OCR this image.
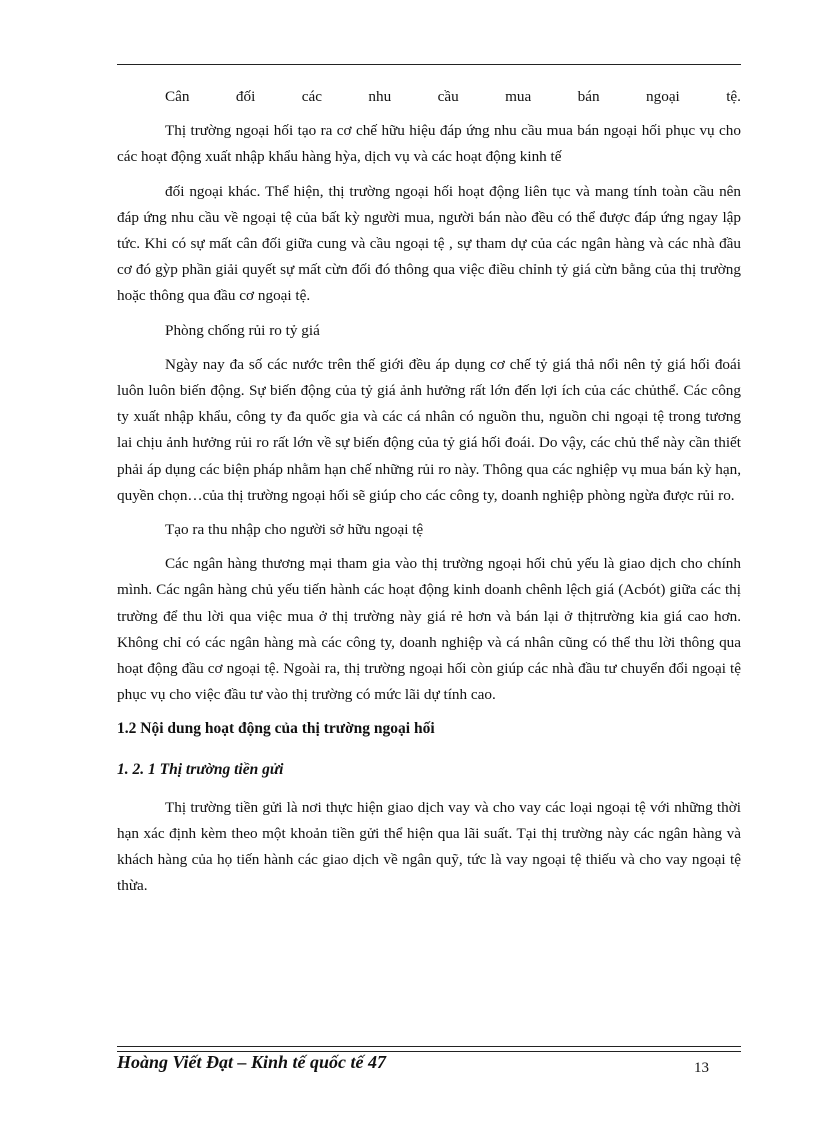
Cân	đối	các	nhu	cầu	mua	bán	ngoại	tệ.

Thị trường ngoại hối tạo ra cơ chế hữu hiệu đáp ứng nhu cầu mua bán ngoại hối phục vụ cho các hoạt động xuất nhập khẩu hàng hỳa, dịch vụ và các hoạt động kinh tế

đối ngoại khác. Thể hiện, thị trường ngoại hối hoạt động liên tục và mang tính toàn cầu nên đáp ứng nhu cầu về ngoại tệ của bất kỳ người mua, người bán nào đều có thể được đáp ứng ngay lập tức. Khi có sự mất cân đối giữa cung và cầu ngoại tệ , sự tham dự của các ngân hàng và các nhà đầu cơ đó gỳp phần giải quyết sự mất cừn đối đó thông qua việc điều chỉnh tỷ giá cừn bằng của thị trường hoặc thông qua đầu cơ ngoại tệ.

Phòng chống rủi ro tỷ giá

Ngày nay đa số các nước trên thế giới đều áp dụng cơ chế tỷ giá thả nổi nên tỷ giá hối đoái luôn luôn biến động. Sự biến động của tỷ giá ảnh hưởng rất lớn đến lợi ích của các chủthể. Các công ty xuất nhập khẩu, công ty đa quốc gia và các cá nhân có nguồn thu, nguồn chi ngoại tệ trong tương lai chịu ảnh hưởng rủi ro rất lớn về sự biến động của tỷ giá hối đoái. Do vậy, các chủ thể này cần thiết phải áp dụng các biện pháp nhằm hạn chế những rủi ro này. Thông qua các nghiệp vụ mua bán kỳ hạn, quyền chọn…của thị trường ngoại hối sẽ giúp cho các công ty, doanh nghiệp phòng ngừa được rủi ro.

Tạo ra thu nhập cho người sở hữu ngoại tệ

Các ngân hàng thương mại tham gia vào thị trường ngoại hối chủ yếu là giao dịch cho chính mình. Các ngân hàng chủ yếu tiến hành các hoạt động kinh doanh chênh lệch giá (Acbót) giữa các thị trường để thu lời qua việc mua ở thị trường này giá rẻ hơn và bán lại ở thịtrường kia giá cao hơn. Không chỉ có các ngân hàng mà các công ty, doanh nghiệp và cá nhân cũng có thể thu lời thông qua hoạt động đầu cơ ngoại tệ. Ngoài ra, thị trường ngoại hối còn giúp các nhà đầu tư chuyển đổi ngoại tệ phục vụ cho việc đầu tư vào thị trường có mức lãi dự tính cao.

1.2 Nội dung hoạt động của thị trường ngoại hối

1. 2. 1 Thị trường tiền gửi

Thị trường tiền gửi là nơi thực hiện giao dịch vay và cho vay các loại ngoại tệ với những thời hạn xác định kèm theo một khoản tiền gửi thể hiện qua lãi suất. Tại thị trường này các ngân hàng và khách hàng của họ tiến hành các giao dịch về ngân quỹ, tức là vay ngoại tệ thiếu và cho vay ngoại tệ thừa.

Hoàng Viết Đạt – Kinh tế quốc tế 47	13
